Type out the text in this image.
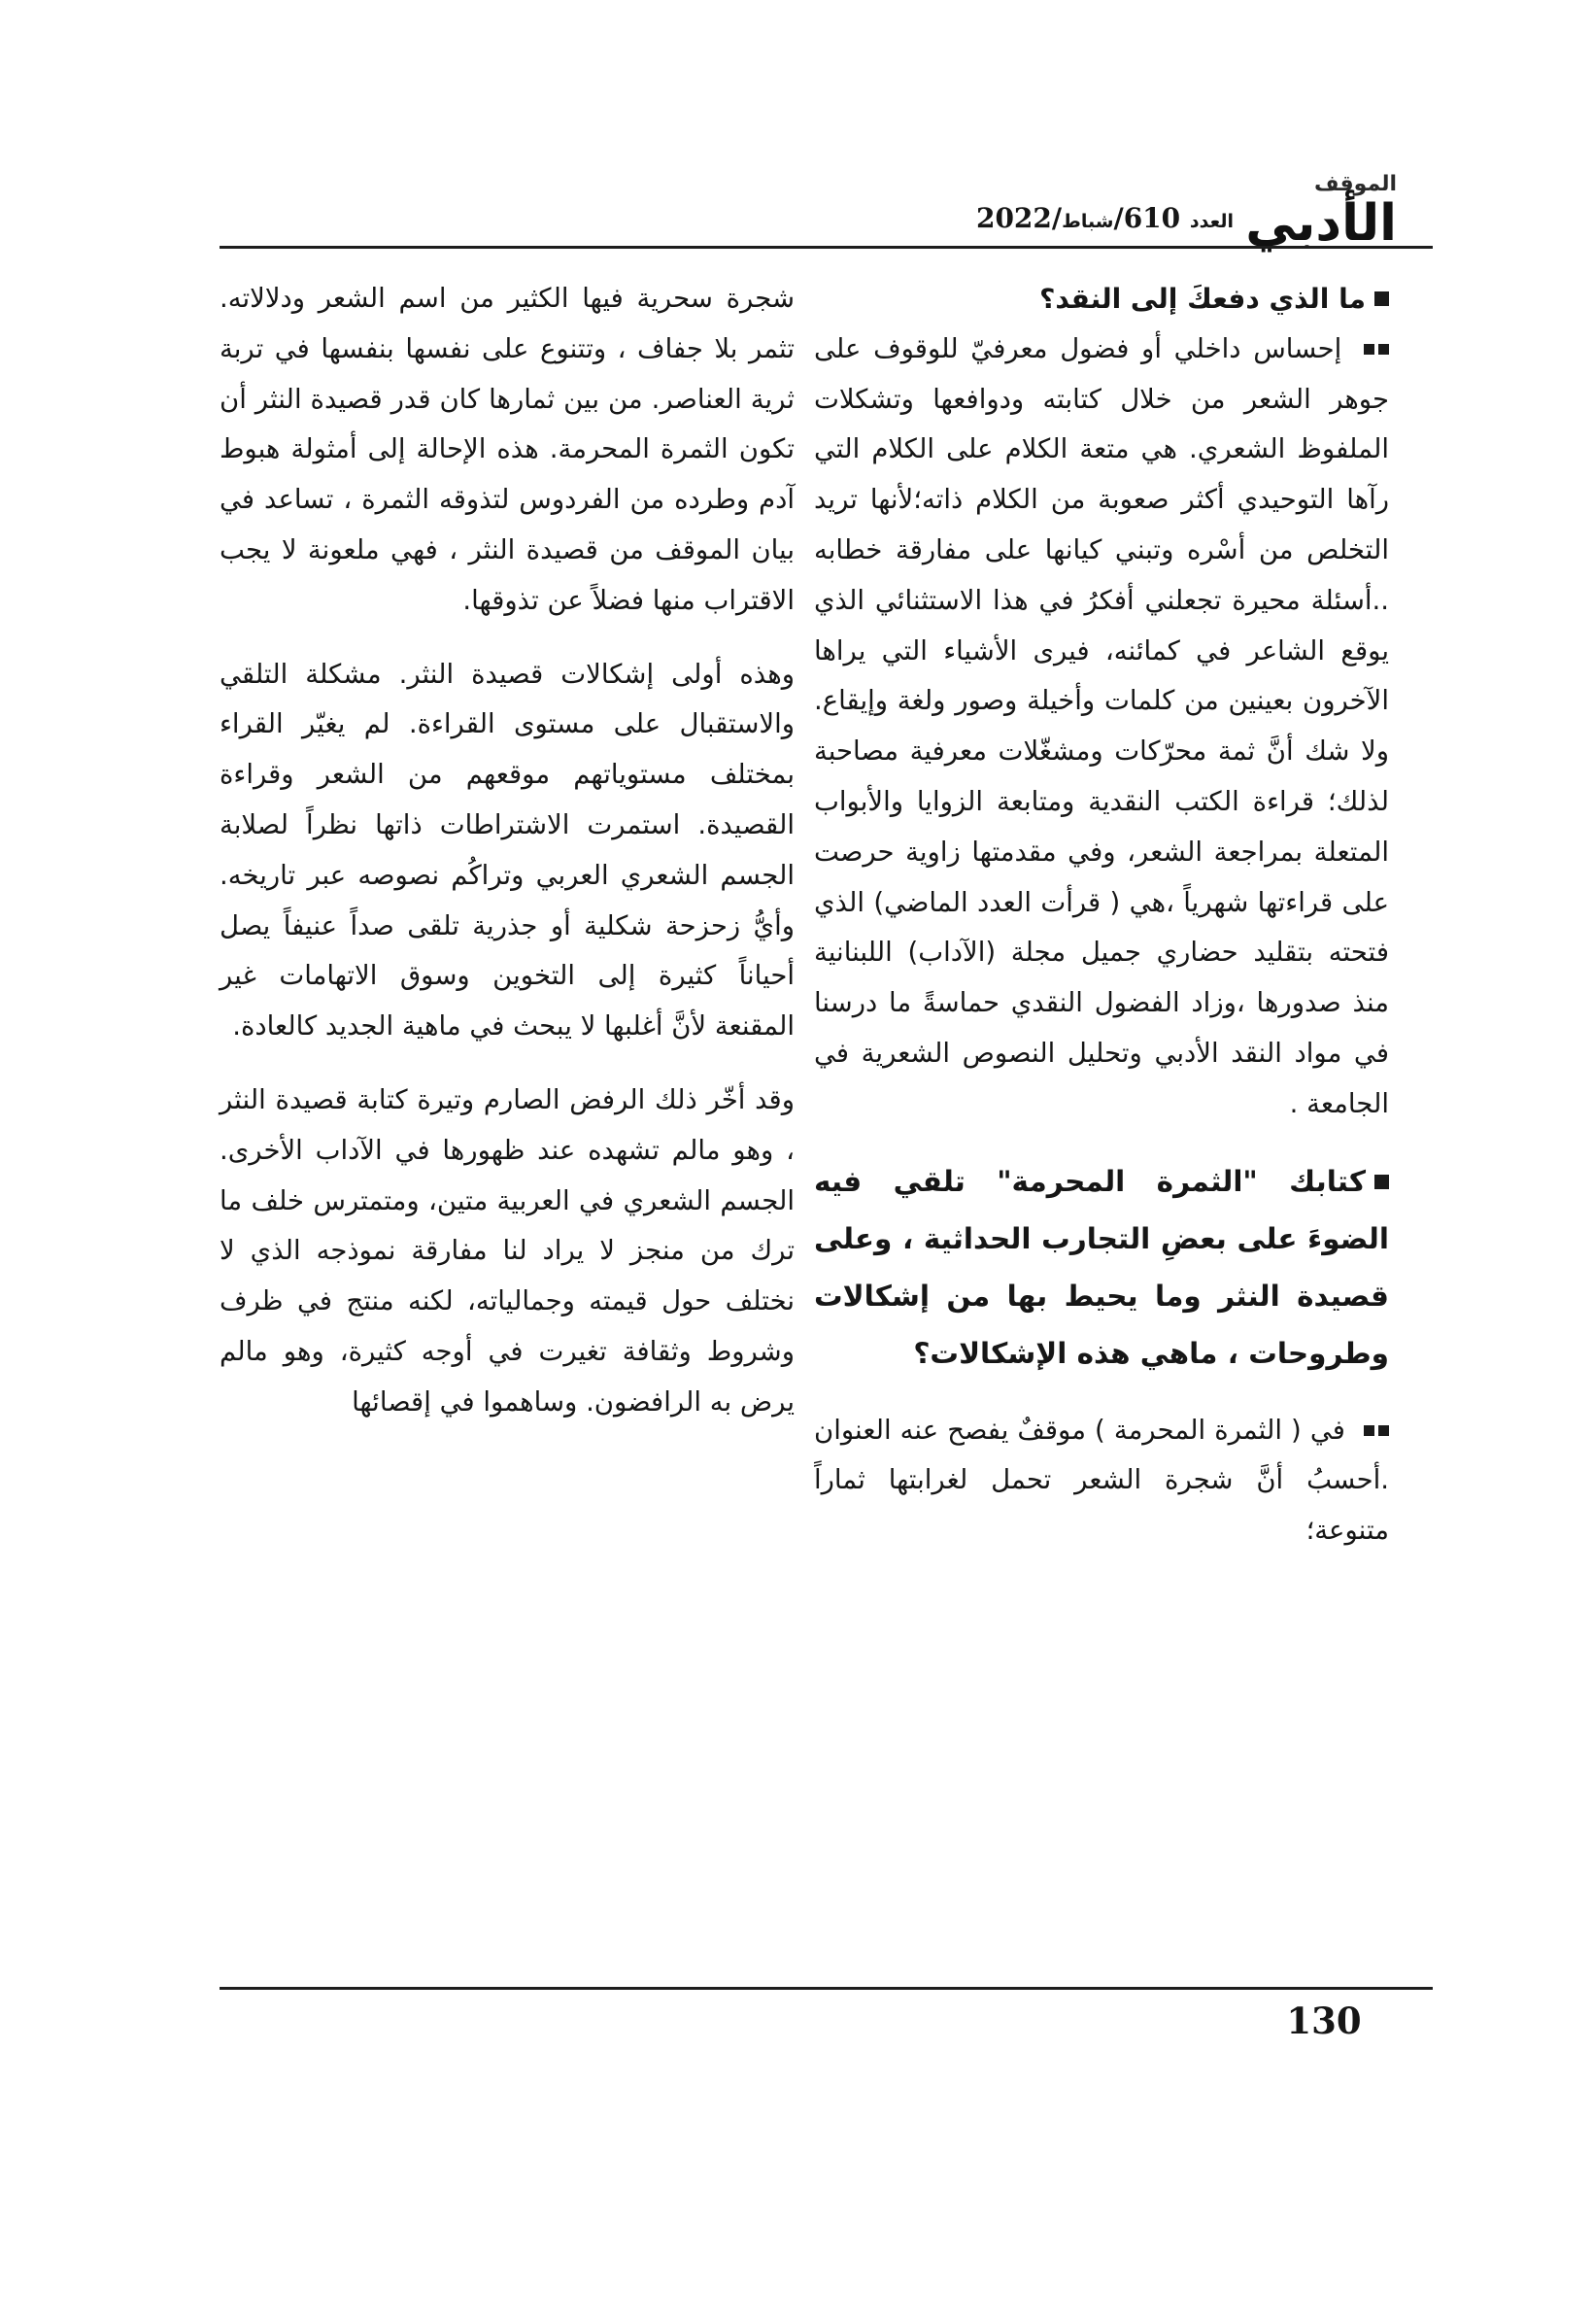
الموقف
الأدبي
العدد 610/شباط/2022

ما الذي دفعكَ إلى النقد؟

إحساس داخلي أو فضول معرفيّ للوقوف على جوهر الشعر من خلال كتابته ودوافعها وتشكلات الملفوظ الشعري. هي متعة الكلام على الكلام التي رآها التوحيدي أكثر صعوبة من الكلام ذاته؛لأنها تريد التخلص من أسْره وتبني كيانها على مفارقة خطابه ..أسئلة محيرة تجعلني أفكرُ في هذا الاستثنائي الذي يوقع الشاعر في كمائنه، فيرى الأشياء التي يراها الآخرون بعينين من كلمات وأخيلة وصور ولغة وإيقاع. ولا شك أنَّ ثمة محرّكات ومشغّلات معرفية مصاحبة لذلك؛ قراءة الكتب النقدية ومتابعة الزوايا والأبواب المتعلة بمراجعة الشعر، وفي مقدمتها زاوية حرصت على قراءتها شهرياً ،هي ( قرأت العدد الماضي) الذي فتحته بتقليد حضاري جميل مجلة (الآداب) اللبنانية منذ صدورها ،وزاد الفضول النقدي حماسةً ما درسنا في مواد النقد الأدبي وتحليل النصوص الشعرية في الجامعة .

كتابك "الثمرة المحرمة" تلقي فيه الضوءَ على بعضِ التجارب الحداثية ، وعلى قصيدة النثر وما يحيط بها من إشكالات وطروحات ، ماهي هذه الإشكالات؟

في ( الثمرة المحرمة ) موقفٌ يفصح عنه العنوان .أحسبُ أنَّ شجرة الشعر تحمل لغرابتها ثماراً متنوعة؛

شجرة سحرية فيها الكثير من اسم الشعر ودلالاته. تثمر بلا جفاف ، وتتنوع على نفسها بنفسها في تربة ثرية العناصر. من بين ثمارها كان قدر قصيدة النثر أن تكون الثمرة المحرمة. هذه الإحالة إلى أمثولة هبوط آدم وطرده من الفردوس لتذوقه الثمرة ، تساعد في بيان الموقف من قصيدة النثر ، فهي ملعونة لا يجب الاقتراب منها فضلاً عن تذوقها.

وهذه أولى إشكالات قصيدة النثر. مشكلة التلقي والاستقبال على مستوى القراءة. لم يغيّر القراء بمختلف مستوياتهم موقعهم من الشعر وقراءة القصيدة. استمرت الاشتراطات ذاتها نظراً لصلابة الجسم الشعري العربي وتراكُم نصوصه عبر تاريخه. وأيُّ زحزحة شكلية أو جذرية تلقى صداً عنيفاً يصل أحياناً كثيرة إلى التخوين وسوق الاتهامات غير المقنعة لأنَّ أغلبها لا يبحث في ماهية الجديد كالعادة.

وقد أخّر ذلك الرفض الصارم وتيرة كتابة قصيدة النثر ، وهو مالم تشهده عند ظهورها في الآداب الأخرى. الجسم الشعري في العربية متين، ومتمترس خلف ما ترك من منجز لا يراد لنا مفارقة نموذجه الذي لا نختلف حول قيمته وجمالياته، لكنه منتج في ظرف وشروط وثقافة تغيرت في أوجه كثيرة، وهو مالم يرض به الرافضون. وساهموا في إقصائها

130
